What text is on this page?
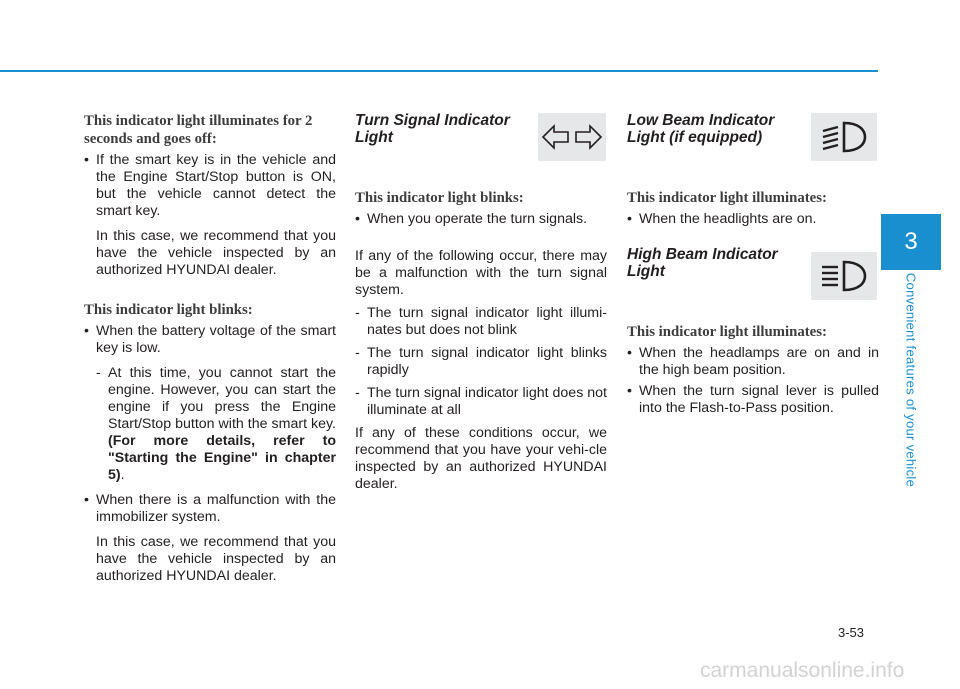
This indicator light illuminates for 2 seconds and goes off:
• If the smart key is in the vehicle and the Engine Start/Stop button is ON, but the vehicle cannot detect the smart key.
In this case, we recommend that you have the vehicle inspected by an authorized HYUNDAI dealer.
This indicator light blinks:
• When the battery voltage of the smart key is low.
- At this time, you cannot start the engine. However, you can start the engine if you press the Engine Start/Stop button with the smart key. (For more details, refer to "Starting the Engine" in chapter 5).
• When there is a malfunction with the immobilizer system.
In this case, we recommend that you have the vehicle inspected by an authorized HYUNDAI dealer.
Turn Signal Indicator
Light
This indicator light blinks:
• When you operate the turn signals.
If any of the following occur, there may be a malfunction with the turn signal system.
- The turn signal indicator light illumi-nates but does not blink
- The turn signal indicator light blinks rapidly
- The turn signal indicator light does not illuminate at all
If any of these conditions occur, we recommend that you have your vehi-cle inspected by an authorized HYUNDAI dealer.
Low Beam Indicator
Light (if equipped)
This indicator light illuminates:
• When the headlights are on.
High Beam Indicator
Light
This indicator light illuminates:
• When the headlamps are on and in the high beam position.
• When the turn signal lever is pulled into the Flash-to-Pass position.
3
Convenient features of your vehicle
3-53
carmanualsonline.info
